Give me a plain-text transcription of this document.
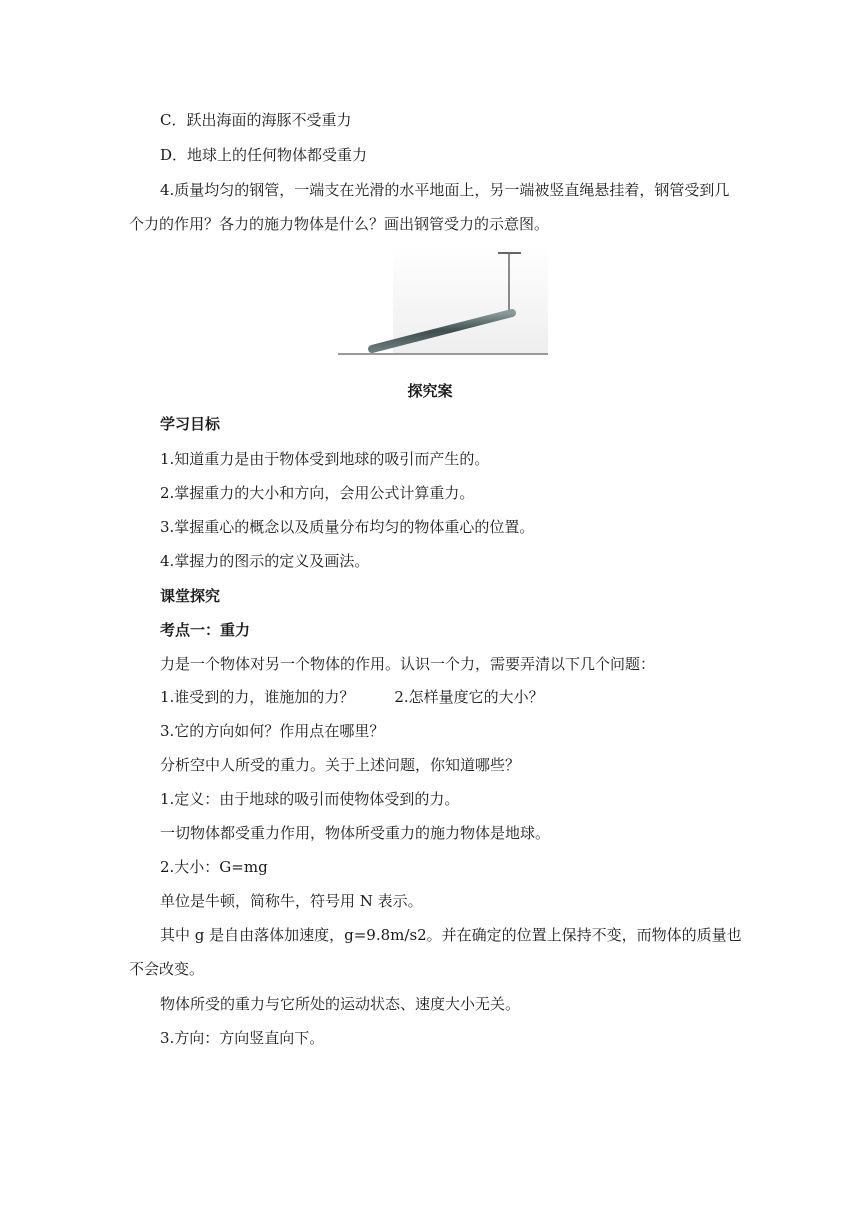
C．跃出海面的海豚不受重力
D．地球上的任何物体都受重力
4.质量均匀的钢管，一端支在光滑的水平地面上，另一端被竖直绳悬挂着，钢管受到几
个力的作用？各力的施力物体是什么？画出钢管受力的示意图。
探究案
学习目标
1.知道重力是由于物体受到地球的吸引而产生的。
2.掌握重力的大小和方向，会用公式计算重力。
3.掌握重心的概念以及质量分布均匀的物体重心的位置。
4.掌握力的图示的定义及画法。
课堂探究
考点一：重力
力是一个物体对另一个物体的作用。认识一个力，需要弄清以下几个问题：
1.谁受到的力，谁施加的力？	2.怎样量度它的大小？
3.它的方向如何？作用点在哪里？
分析空中人所受的重力。关于上述问题，你知道哪些？
1.定义：由于地球的吸引而使物体受到的力。
一切物体都受重力作用，物体所受重力的施力物体是地球。
2.大小：G=mg
单位是牛顿，简称牛，符号用 N 表示。
其中 g 是自由落体加速度，g=9.8m/s2。并在确定的位置上保持不变，而物体的质量也
不会改变。
物体所受的重力与它所处的运动状态、速度大小无关。
3.方向：方向竖直向下。
